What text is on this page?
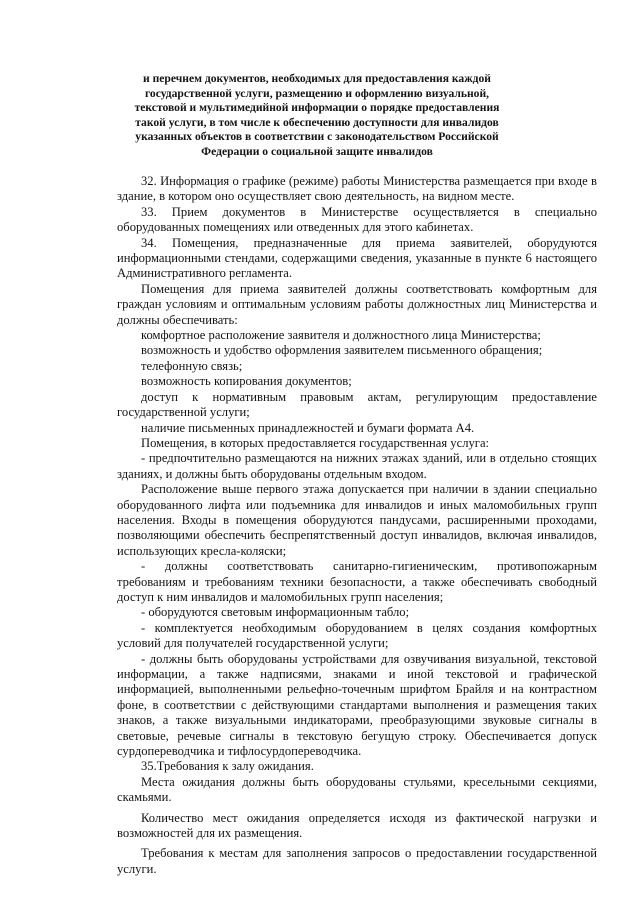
и перечнем документов, необходимых для предоставления каждой государственной услуги, размещению и оформлению визуальной, текстовой и мультимедийной информации о порядке предоставления такой услуги, в том числе к обеспечению доступности для инвалидов указанных объектов в соответствии с законодательством Российской Федерации о социальной защите инвалидов

32. Информация о графике (режиме) работы Министерства размещается при входе в здание, в котором оно осуществляет свою деятельность, на видном месте.

33. Прием документов в Министерстве осуществляется в специально оборудованных помещениях или отведенных для этого кабинетах.

34. Помещения, предназначенные для приема заявителей, оборудуются информационными стендами, содержащими сведения, указанные в пункте 6 настоящего Административного регламента.

Помещения для приема заявителей должны соответствовать комфортным для граждан условиям и оптимальным условиям работы должностных лиц Министерства и должны обеспечивать:

комфортное расположение заявителя и должностного лица Министерства;

возможность и удобство оформления заявителем письменного обращения;

телефонную связь;

возможность копирования документов;

доступ к нормативным правовым актам, регулирующим предоставление государственной услуги;

наличие письменных принадлежностей и бумаги формата А4.

Помещения, в которых предоставляется государственная услуга:

- предпочтительно размещаются на нижних этажах зданий, или в отдельно стоящих зданиях, и должны быть оборудованы отдельным входом.

Расположение выше первого этажа допускается при наличии в здании специально оборудованного лифта или подъемника для инвалидов и иных маломобильных групп населения. Входы в помещения оборудуются пандусами, расширенными проходами, позволяющими обеспечить беспрепятственный доступ инвалидов, включая инвалидов, использующих кресла-коляски;

- должны соответствовать санитарно-гигиеническим, противопожарным требованиям и требованиям техники безопасности, а также обеспечивать свободный доступ к ним инвалидов и маломобильных групп населения;

- оборудуются световым информационным табло;

- комплектуется необходимым оборудованием в целях создания комфортных условий для получателей государственной услуги;

- должны быть оборудованы устройствами для озвучивания визуальной, текстовой информации, а также надписями, знаками и иной текстовой и графической информацией, выполненными рельефно-точечным шрифтом Брайля и на контрастном фоне, в соответствии с действующими стандартами выполнения и размещения таких знаков, а также визуальными индикаторами, преобразующими звуковые сигналы в световые, речевые сигналы в текстовую бегущую строку. Обеспечивается допуск сурдопереводчика и тифлосурдопереводчика.

35.Требования к залу ожидания.

Места ожидания должны быть оборудованы стульями, кресельными секциями, скамьями.

Количество мест ожидания определяется исходя из фактической нагрузки и возможностей для их размещения.

Требования к местам для заполнения запросов о предоставлении государственной услуги.
